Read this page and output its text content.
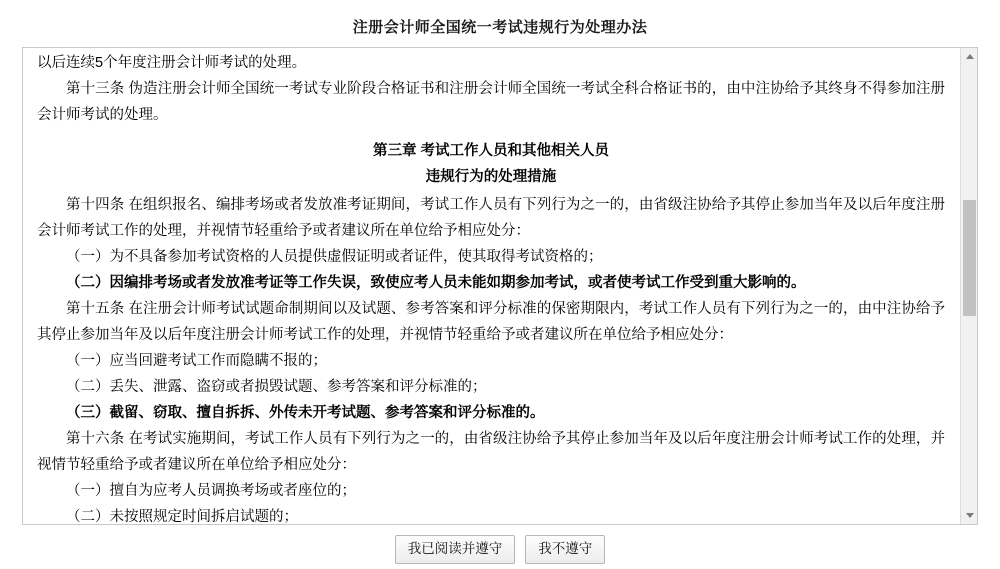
注册会计师全国统一考试违规行为处理办法

以后连续5个年度注册会计师考试的处理。

第十三条 伪造注册会计师全国统一考试专业阶段合格证书和注册会计师全国统一考试全科合格证书的，由中注协给予其终身不得参加注册会计师考试的处理。

第三章 考试工作人员和其他相关人员
违规行为的处理措施

第十四条 在组织报名、编排考场或者发放准考证期间，考试工作人员有下列行为之一的，由省级注协给予其停止参加当年及以后年度注册会计师考试工作的处理，并视情节轻重给予或者建议所在单位给予相应处分：

（一）为不具备参加考试资格的人员提供虚假证明或者证件，使其取得考试资格的；

（二）因编排考场或者发放准考证等工作失误，致使应考人员未能如期参加考试，或者使考试工作受到重大影响的。

第十五条 在注册会计师考试试题命制期间以及试题、参考答案和评分标准的保密期限内，考试工作人员有下列行为之一的，由中注协给予其停止参加当年及以后年度注册会计师考试工作的处理，并视情节轻重给予或者建议所在单位给予相应处分：

（一）应当回避考试工作而隐瞒不报的；

（二）丢失、泄露、盗窃或者损毁试题、参考答案和评分标准的；

（三）截留、窃取、擅自拆拆、外传未开考试题、参考答案和评分标准的。

第十六条 在考试实施期间，考试工作人员有下列行为之一的，由省级注协给予其停止参加当年及以后年度注册会计师考试工作的处理，并视情节轻重给予或者建议所在单位给予相应处分：

（一）擅自为应考人员调换考场或者座位的；

（二）未按照规定时间拆启试题的；

我已阅读并遵守	我不遵守
